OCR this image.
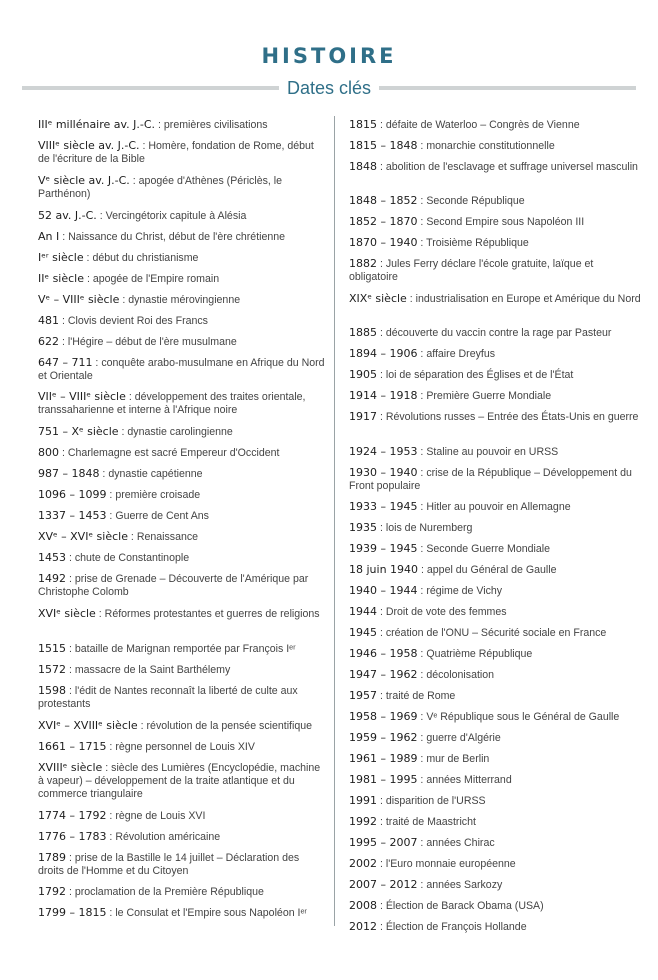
HISTOIRE
Dates clés
IIIᵉ millénaire av. J.-C. : premières civilisations
VIIIᵉ siècle av. J.-C. : Homère, fondation de Rome, début de l'écriture de la Bible
Vᵉ siècle av. J.-C. : apogée d'Athènes (Périclès, le Parthénon)
52 av. J.-C. : Vercingétorix capitule à Alésia
An I : Naissance du Christ, début de l'ère chrétienne
Iᵉʳ siècle : début du christianisme
IIᵉ siècle : apogée de l'Empire romain
Vᵉ – VIIIᵉ siècle : dynastie mérovingienne
481 : Clovis devient Roi des Francs
622 : l'Hégire – début de l'ère musulmane
647 – 711 : conquête arabo-musulmane en Afrique du Nord et Orientale
VIIᵉ – VIIIᵉ siècle : développement des traites orientale, transsaharienne et interne à l'Afrique noire
751 – Xᵉ siècle : dynastie carolingienne
800 : Charlemagne est sacré Empereur d'Occident
987 – 1848 : dynastie capétienne
1096 – 1099 : première croisade
1337 – 1453 : Guerre de Cent Ans
XVᵉ – XVIᵉ siècle : Renaissance
1453 : chute de Constantinople
1492 : prise de Grenade – Découverte de l'Amérique par Christophe Colomb
XVIᵉ siècle : Réformes protestantes et guerres de religions
1515 : bataille de Marignan remportée par François Iᵉʳ
1572 : massacre de la Saint Barthélemy
1598 : l'édit de Nantes reconnaît la liberté de culte aux protestants
XVIᵉ – XVIIIᵉ siècle : révolution de la pensée scientifique
1661 – 1715 : règne personnel de Louis XIV
XVIIIᵉ siècle : siècle des Lumières (Encyclopédie, machine à vapeur) – développement de la traite atlantique et du commerce triangulaire
1774 – 1792 : règne de Louis XVI
1776 – 1783 : Révolution américaine
1789 : prise de la Bastille le 14 juillet – Déclaration des droits de l'Homme et du Citoyen
1792 : proclamation de la Première République
1799 – 1815 : le Consulat et l'Empire sous Napoléon Iᵉʳ
1815 : défaite de Waterloo – Congrès de Vienne
1815 – 1848 : monarchie constitutionnelle
1848 : abolition de l'esclavage et suffrage universel masculin
1848 – 1852 : Seconde République
1852 – 1870 : Second Empire sous Napoléon III
1870 – 1940 : Troisième République
1882 : Jules Ferry déclare l'école gratuite, laïque et obligatoire
XIXᵉ siècle : industrialisation en Europe et Amérique du Nord
1885 : découverte du vaccin contre la rage par Pasteur
1894 – 1906 : affaire Dreyfus
1905 : loi de séparation des Églises et de l'État
1914 – 1918 : Première Guerre Mondiale
1917 : Révolutions russes – Entrée des États-Unis en guerre
1924 – 1953 : Staline au pouvoir en URSS
1930 – 1940 : crise de la République – Développement du Front populaire
1933 – 1945 : Hitler au pouvoir en Allemagne
1935 : lois de Nuremberg
1939 – 1945 : Seconde Guerre Mondiale
18 juin 1940 : appel du Général de Gaulle
1940 – 1944 : régime de Vichy
1944 : Droit de vote des femmes
1945 : création de l'ONU – Sécurité sociale en France
1946 – 1958 : Quatrième République
1947 – 1962 : décolonisation
1957 : traité de Rome
1958 – 1969 : Vᵉ République sous le Général de Gaulle
1959 – 1962 : guerre d'Algérie
1961 – 1989 : mur de Berlin
1981 – 1995 : années Mitterrand
1991 : disparition de l'URSS
1992 : traité de Maastricht
1995 – 2007 : années Chirac
2002 : l'Euro monnaie européenne
2007 – 2012 : années Sarkozy
2008 : Élection de Barack Obama (USA)
2012 : Élection de François Hollande
